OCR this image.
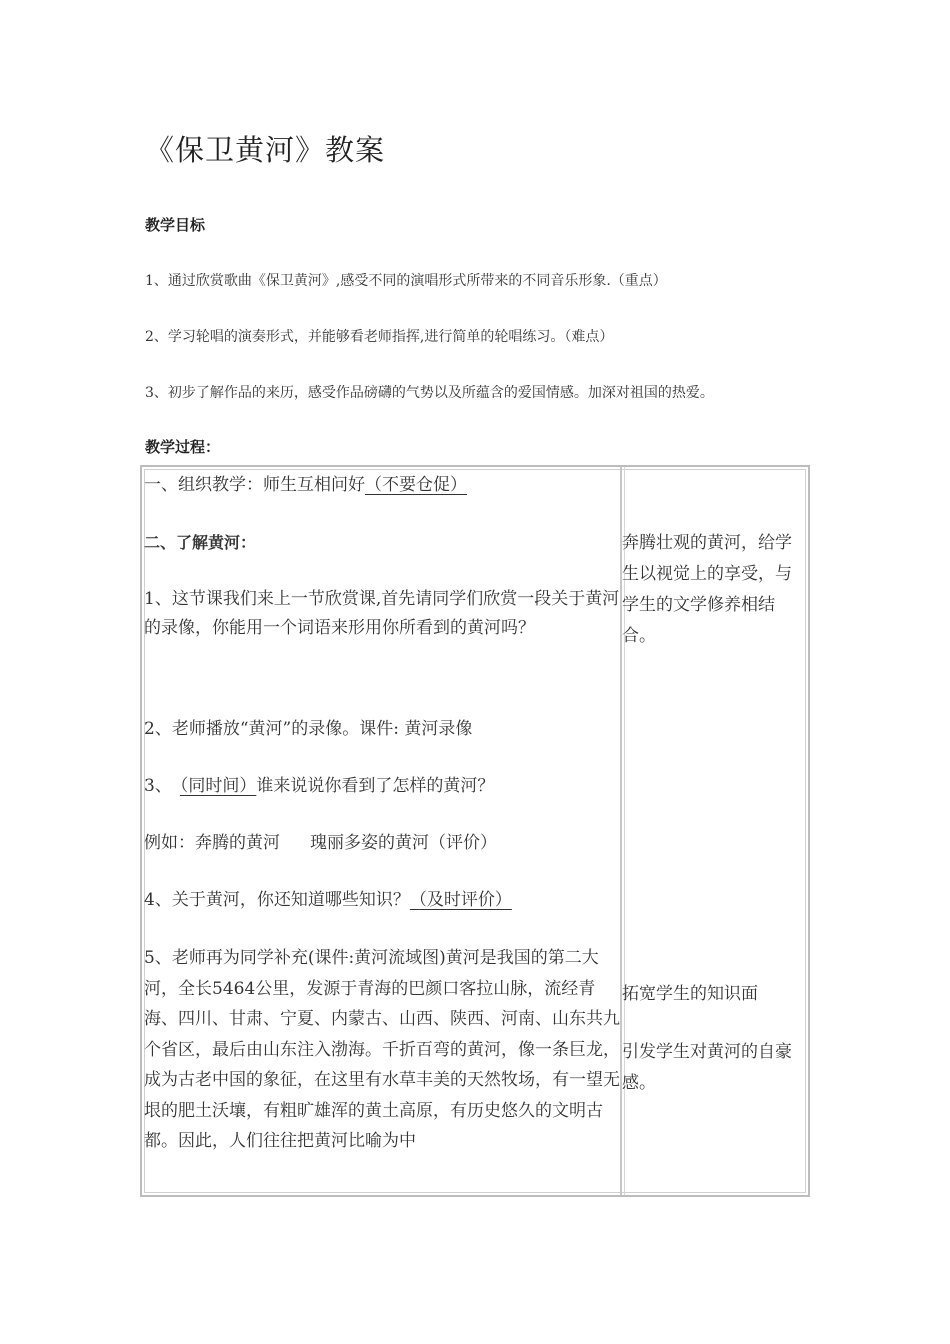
《保卫黄河》教案
教学目标
1、通过欣赏歌曲《保卫黄河》,感受不同的演唱形式所带来的不同音乐形象.（重点）
2、学习轮唱的演奏形式，并能够看老师指挥,进行简单的轮唱练习。（难点）
3、初步了解作品的来历，感受作品磅礴的气势以及所蕴含的爱国情感。加深对祖国的热爱。
教学过程：
一、组织教学：师生互相问好（不要仓促）
二、了解黄河：
1、这节课我们来上一节欣赏课,首先请同学们欣赏一段关于黄河的录像，你能用一个词语来形用你所看到的黄河吗？
2、老师播放“黄河”的录像。课件: 黄河录像
3、 （同时间）谁来说说你看到了怎样的黄河？
例如：奔腾的黄河 瑰丽多姿的黄河（评价）
4、关于黄河，你还知道哪些知识？（及时评价）
5、老师再为同学补充(课件:黄河流域图)黄河是我国的第二大河，全长5464公里，发源于青海的巴颜口客拉山脉，流经青海、四川、甘肃、宁夏、内蒙古、山西、陕西、河南、山东共九个省区，最后由山东注入渤海。千折百弯的黄河，像一条巨龙，成为古老中国的象征，在这里有水草丰美的天然牧场，有一望无垠的肥土沃壤，有粗旷雄浑的黄土高原，有历史悠久的文明古都。因此，人们往往把黄河比喻为中
奔腾壮观的黄河，给学生以视觉上的享受，与学生的文学修养相结合。
拓宽学生的知识面
引发学生对黄河的自豪感。
